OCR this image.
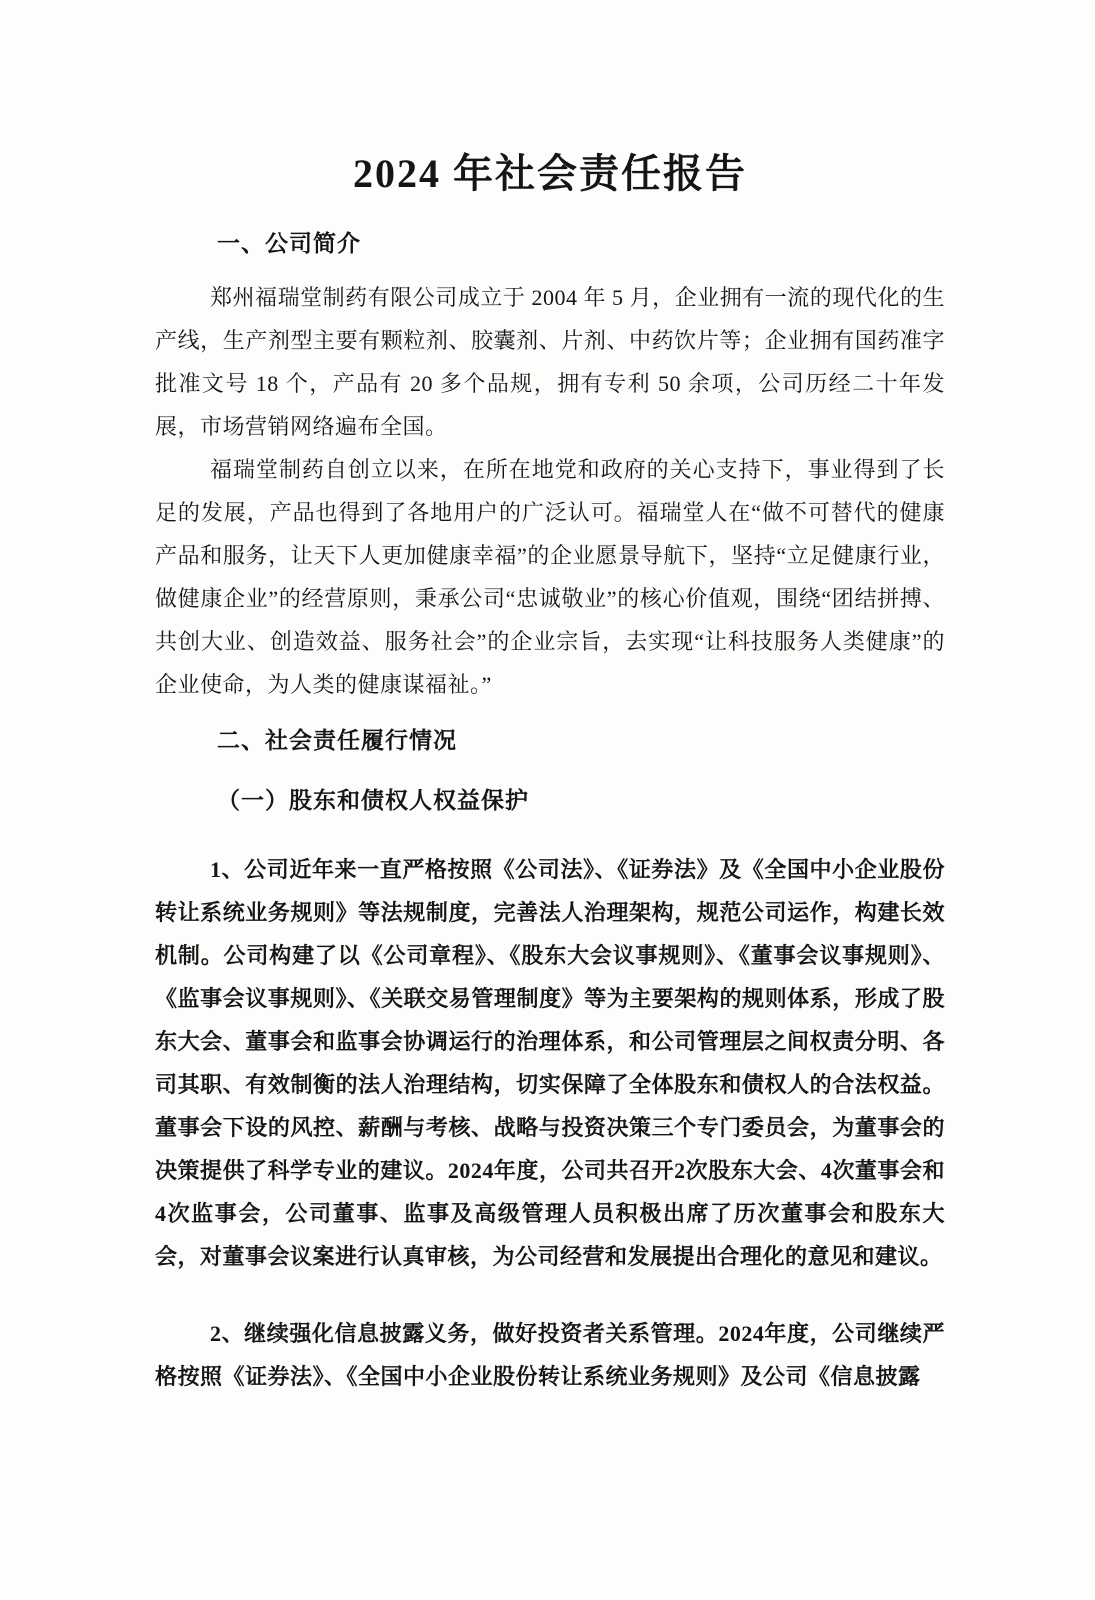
2024 年社会责任报告
一、公司简介

郑州福瑞堂制药有限公司成立于 2004 年 5 月，企业拥有一流的现代化的生产线，生产剂型主要有颗粒剂、胶囊剂、片剂、中药饮片等；企业拥有国药准字批准文号 18 个，产品有 20 多个品规，拥有专利 50 余项，公司历经二十年发展，市场营销网络遍布全国。

福瑞堂制药自创立以来，在所在地党和政府的关心支持下，事业得到了长足的发展，产品也得到了各地用户的广泛认可。福瑞堂人在“做不可替代的健康产品和服务，让天下人更加健康幸福”的企业愿景导航下，坚持“立足健康行业，做健康企业”的经营原则，秉承公司“忠诚敬业”的核心价值观，围绕“团结拼搏、共创大业、创造效益、服务社会”的企业宗旨，去实现“让科技服务人类健康”的企业使命，为人类的健康谋福祉。”

二、社会责任履行情况
（一）股东和债权人权益保护

1、公司近年来一直严格按照《公司法》、《证券法》及《全国中小企业股份转让系统业务规则》等法规制度，完善法人治理架构，规范公司运作，构建长效机制。公司构建了以《公司章程》、《股东大会议事规则》、《董事会议事规则》、《监事会议事规则》、《关联交易管理制度》等为主要架构的规则体系，形成了股东大会、董事会和监事会协调运行的治理体系，和公司管理层之间权责分明、各司其职、有效制衡的法人治理结构，切实保障了全体股东和债权人的合法权益。董事会下设的风控、薪酬与考核、战略与投资决策三个专门委员会，为董事会的决策提供了科学专业的建议。2024年度，公司共召开2次股东大会、4次董事会和4次监事会，公司董事、监事及高级管理人员积极出席了历次董事会和股东大会，对董事会议案进行认真审核，为公司经营和发展提出合理化的意见和建议。

2、继续强化信息披露义务，做好投资者关系管理。2024年度，公司继续严格按照《证券法》、《全国中小企业股份转让系统业务规则》及公司《信息披露
